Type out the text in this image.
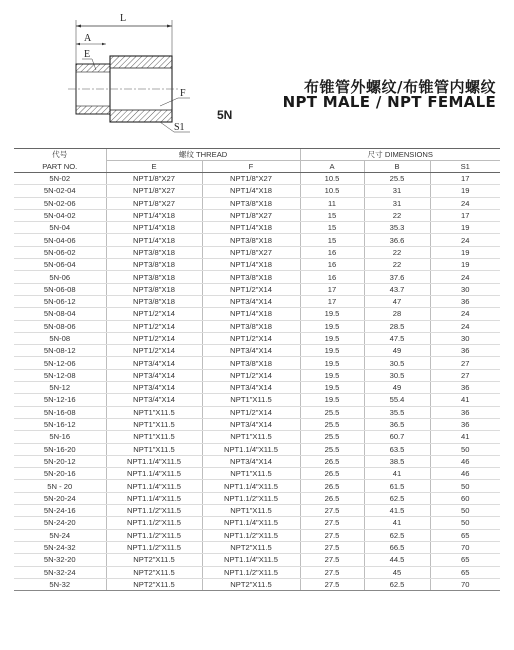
L
A
E
F
S1
5N
布锥管外螺纹/布锥管内螺纹
NPT MALE / NPT FEMALE
代号	螺纹 THREAD		尺寸 DIMENSIONS		
PART NO.	E	F	A	B	S1
5N-02	NPT1/8"X27	NPT1/8"X27	10.5	25.5	17
5N-02-04	NPT1/8"X27	NPT1/4"X18	10.5	31	19
5N-02-06	NPT1/8"X27	NPT3/8"X18	11	31	24
5N-04-02	NPT1/4"X18	NPT1/8"X27	15	22	17
5N-04	NPT1/4"X18	NPT1/4"X18	15	35.3	19
5N-04-06	NPT1/4"X18	NPT3/8"X18	15	36.6	24
5N-06-02	NPT3/8"X18	NPT1/8"X27	16	22	19
5N-06-04	NPT3/8"X18	NPT1/4"X18	16	22	19
5N-06	NPT3/8"X18	NPT3/8"X18	16	37.6	24
5N-06-08	NPT3/8"X18	NPT1/2"X14	17	43.7	30
5N-06-12	NPT3/8"X18	NPT3/4"X14	17	47	36
5N-08-04	NPT1/2"X14	NPT1/4"X18	19.5	28	24
5N-08-06	NPT1/2"X14	NPT3/8"X18	19.5	28.5	24
5N-08	NPT1/2"X14	NPT1/2"X14	19.5	47.5	30
5N-08-12	NPT1/2"X14	NPT3/4"X14	19.5	49	36
5N-12-06	NPT3/4"X14	NPT3/8"X18	19.5	30.5	27
5N-12-08	NPT3/4"X14	NPT1/2"X14	19.5	30.5	27
5N-12	NPT3/4"X14	NPT3/4"X14	19.5	49	36
5N-12-16	NPT3/4"X14	NPT1"X11.5	19.5	55.4	41
5N-16-08	NPT1"X11.5	NPT1/2"X14	25.5	35.5	36
5N-16-12	NPT1"X11.5	NPT3/4"X14	25.5	36.5	36
5N-16	NPT1"X11.5	NPT1"X11.5	25.5	60.7	41
5N-16-20	NPT1"X11.5	NPT1.1/4"X11.5	25.5	63.5	50
5N-20-12	NPT1.1/4"X11.5	NPT3/4"X14	26.5	38.5	46
5N-20-16	NPT1.1/4"X11.5	NPT1"X11.5	26.5	41	46
5N - 20	NPT1.1/4"X11.5	NPT1.1/4"X11.5	26.5	61.5	50
5N-20-24	NPT1.1/4"X11.5	NPT1.1/2"X11.5	26.5	62.5	60
5N-24-16	NPT1.1/2"X11.5	NPT1"X11.5	27.5	41.5	50
5N-24-20	NPT1.1/2"X11.5	NPT1.1/4"X11.5	27.5	41	50
5N-24	NPT1.1/2"X11.5	NPT1.1/2"X11.5	27.5	62.5	65
5N-24-32	NPT1.1/2"X11.5	NPT2"X11.5	27.5	66.5	70
5N-32-20	NPT2"X11.5	NPT1.1/4"X11.5	27.5	44.5	65
5N-32-24	NPT2"X11.5	NPT1.1/2"X11.5	27.5	45	65
5N-32	NPT2"X11.5	NPT2"X11.5	27.5	62.5	70
